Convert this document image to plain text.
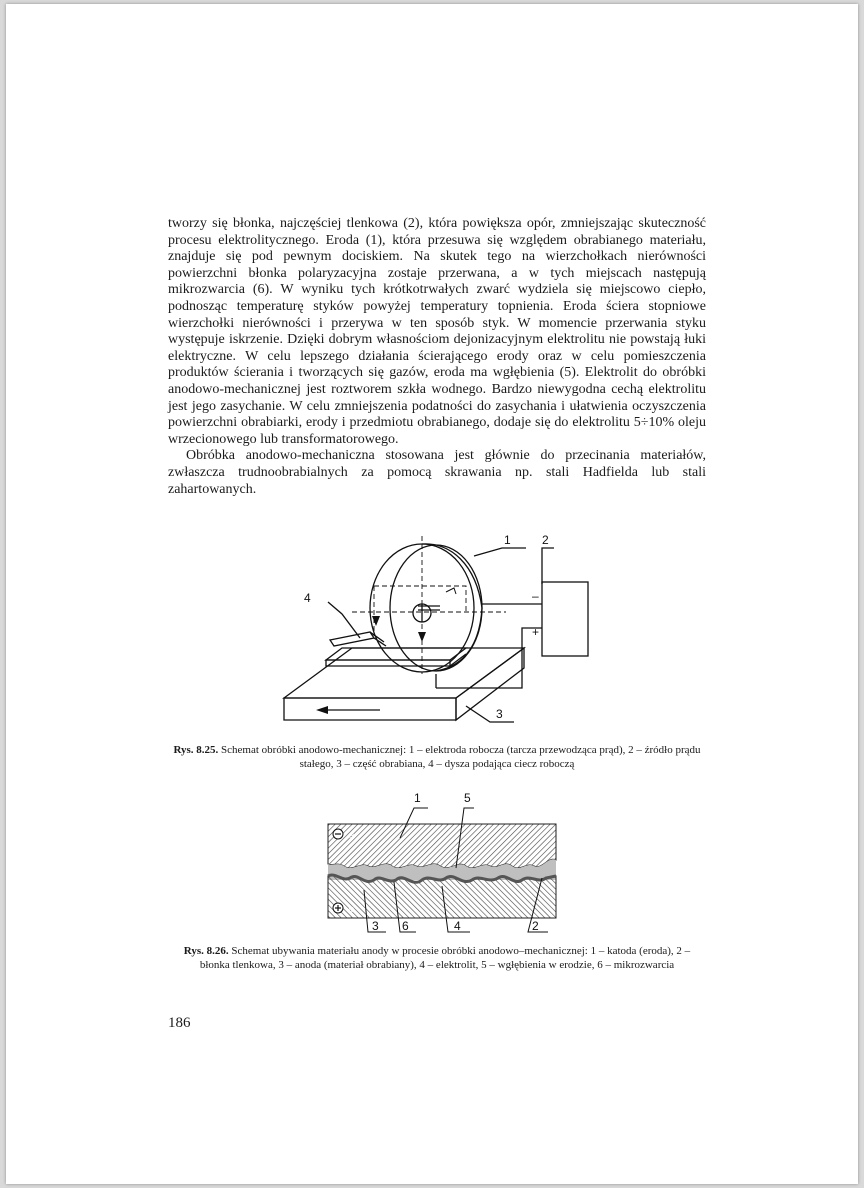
tworzy się błonka, najczęściej tlenkowa (2), która powiększa opór, zmniejszając skuteczność procesu elektrolitycznego. Eroda (1), która przesuwa się względem obrabianego materiału, znajduje się pod pewnym dociskiem. Na skutek tego na wierzchołkach nierówności powierzchni błonka polaryzacyjna zostaje przerwana, a w tych miejscach następują mikrozwarcia (6). W wyniku tych krótkotrwałych zwarć wydziela się miejscowo ciepło, podnosząc temperaturę styków powyżej temperatury topnienia. Eroda ściera stopniowe wierzchołki nierówności i przerywa w ten sposób styk. W momencie przerwania styku występuje iskrzenie. Dzięki dobrym własnościom dejonizacyjnym elektrolitu nie powstają łuki elektryczne. W celu lepszego działania ścierającego erody oraz w celu pomieszczenia produktów ścierania i tworzących się gazów, eroda ma wgłębienia (5). Elektrolit do obróbki anodowo-mechanicznej jest roztworem szkła wodnego. Bardzo niewygodna cechą elektrolitu jest jego zasychanie. W celu zmniejszenia podatności do zasychania i ułatwienia oczyszczenia powierzchni obrabiarki, erody i przedmiotu obrabianego, dodaje się do elektrolitu 5÷10% oleju wrzecionowego lub transformatorowego.

Obróbka anodowo-mechaniczna stosowana jest głównie do przecinania materiałów, zwłaszcza trudnoobrabialnych za pomocą skrawania np. stali Hadfielda lub stali zahartowanych.

1	2
4
3
–
+
Rys. 8.25. Schemat obróbki anodowo-mechanicznej: 1 – elektroda robocza (tarcza przewodząca prąd), 2 – źródło prądu stałego, 3 – część obrabiana, 4 – dysza podająca ciecz roboczą
1	5
3 6	4	2
⊖
⊕
Rys. 8.26. Schemat ubywania materiału anody w procesie obróbki anodowo–mechanicznej: 1 – katoda (eroda), 2 – błonka tlenkowa, 3 – anoda (materiał obrabiany), 4 – elektrolit, 5 – wgłębienia w erodzie, 6 – mikrozwarcia
186
